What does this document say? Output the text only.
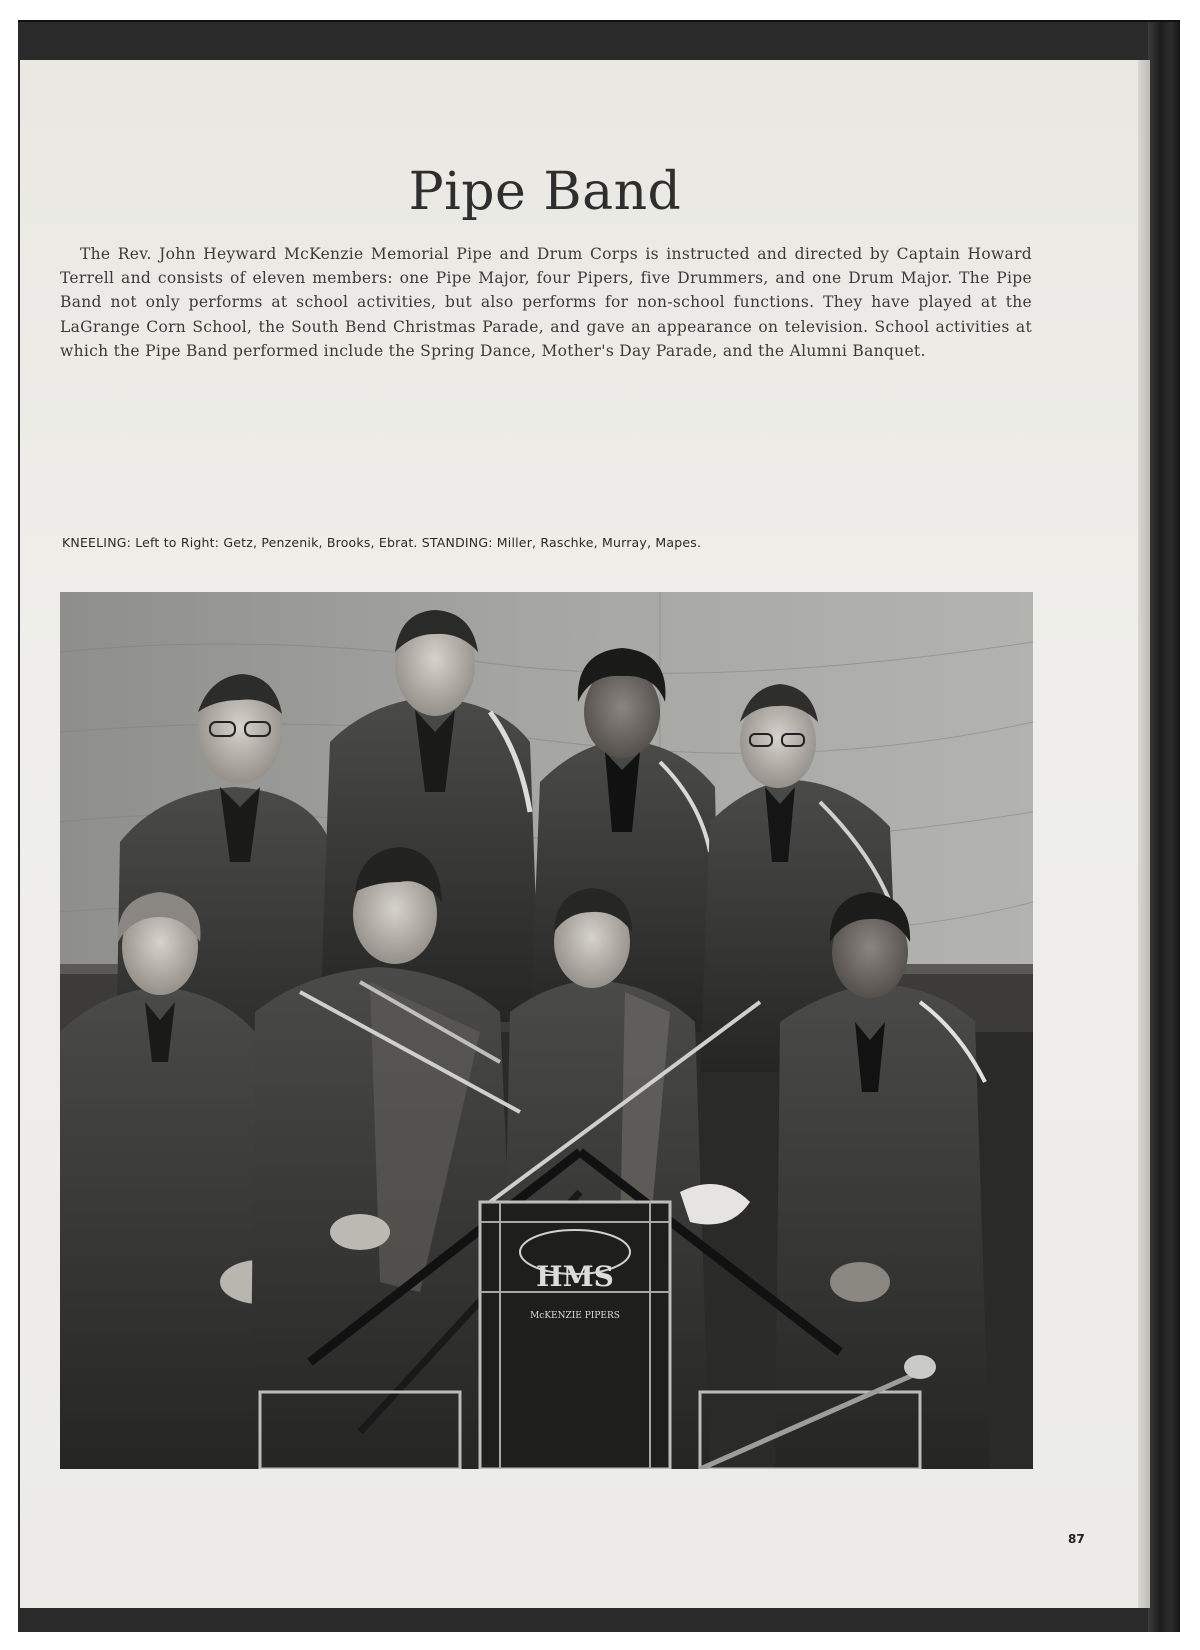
Pipe Band

The Rev. John Heyward McKenzie Memorial Pipe and Drum Corps is instructed and directed by Captain Howard Terrell and consists of eleven members: one Pipe Major, four Pipers, five Drummers, and one Drum Major. The Pipe Band not only performs at school activities, but also performs for non-school functions. They have played at the LaGrange Corn School, the South Bend Christmas Parade, and gave an appearance on television. School activities at which the Pipe Band performed include the Spring Dance, Mother's Day Parade, and the Alumni Banquet.

KNEELING: Left to Right: Getz, Penzenik, Brooks, Ebrat. STANDING: Miller, Raschke, Murray, Mapes.

HMS
McKENZIE PIPERS

87
